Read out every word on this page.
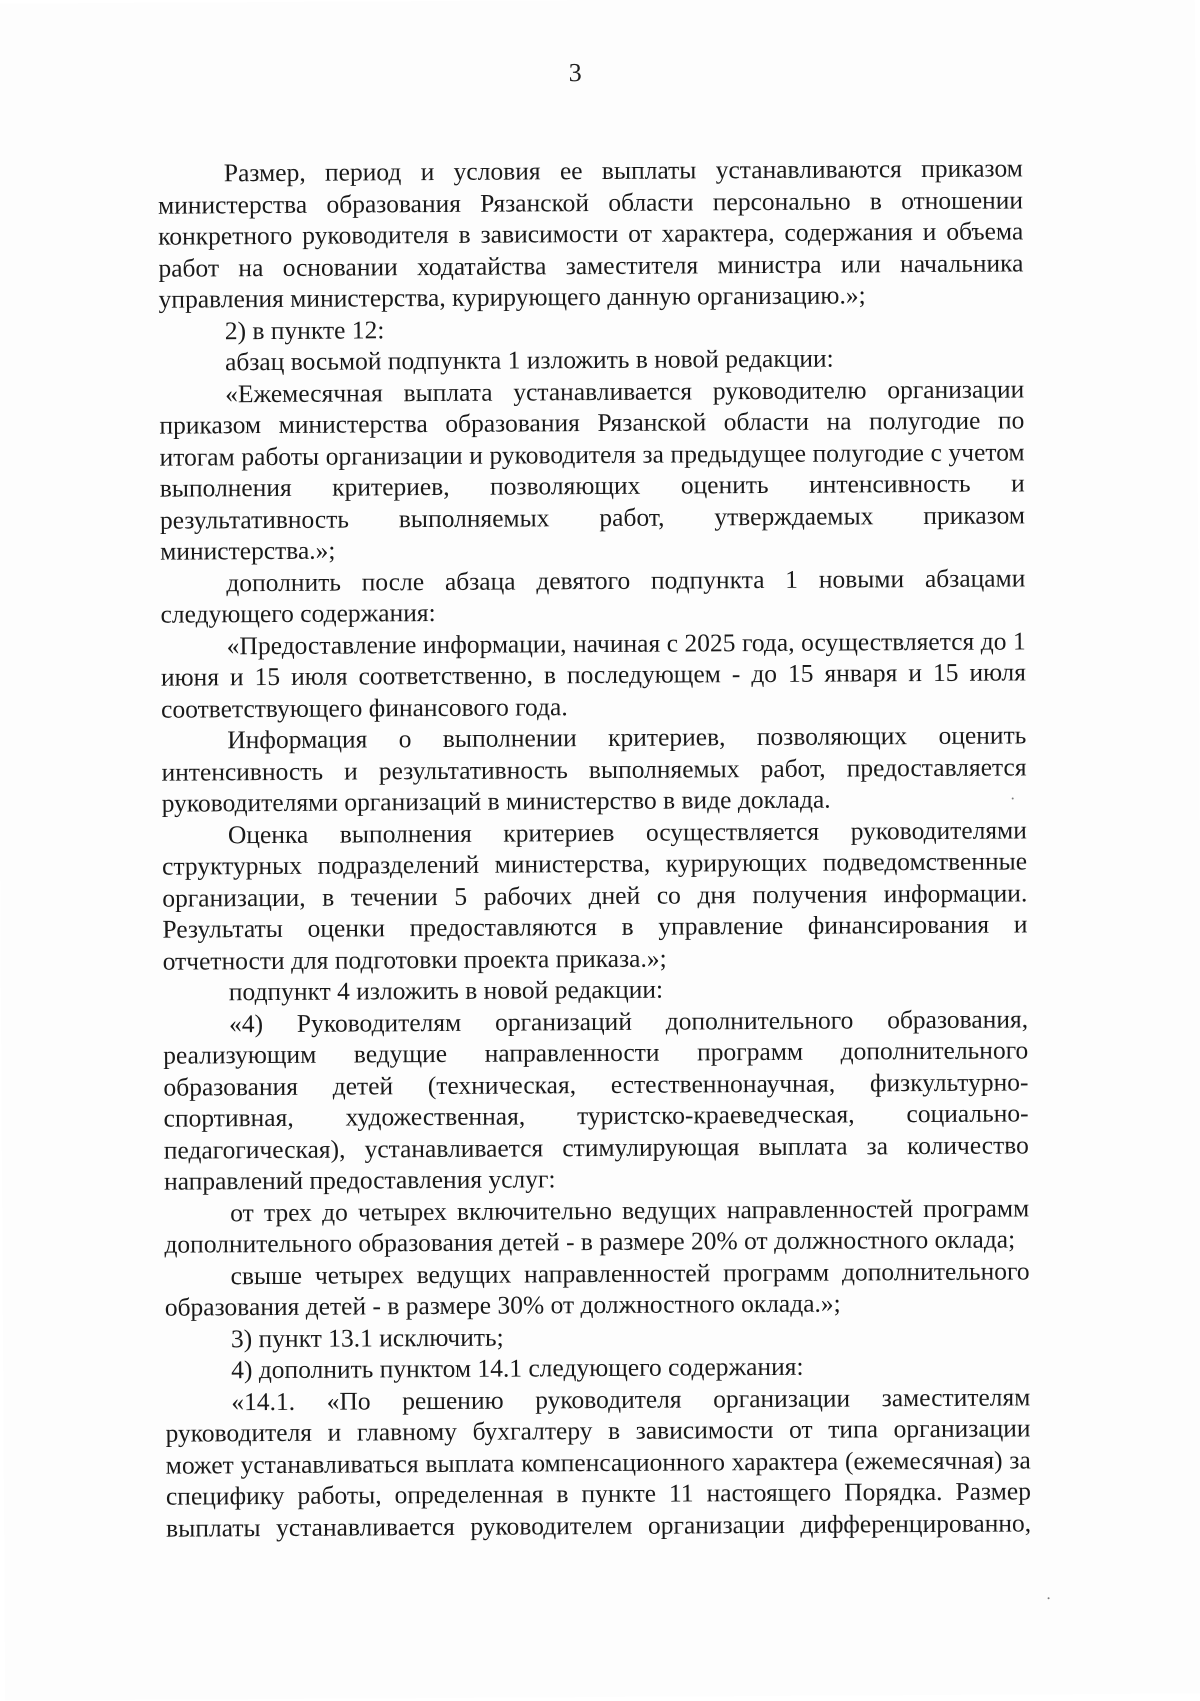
3

Размер, период и условия ее выплаты устанавливаются приказом министерства образования Рязанской области персонально в отношении конкретного руководителя в зависимости от характера, содержания и объема работ на основании ходатайства заместителя министра или начальника управления министерства, курирующего данную организацию.»;

2) в пункте 12:

абзац восьмой подпункта 1 изложить в новой редакции:

«Ежемесячная выплата устанавливается руководителю организации приказом министерства образования Рязанской области на полугодие по итогам работы организации и руководителя за предыдущее полугодие с учетом выполнения критериев, позволяющих оценить интенсивность и результативность выполняемых работ, утверждаемых приказом министерства.»;

дополнить после абзаца девятого подпункта 1 новыми абзацами следующего содержания:

«Предоставление информации, начиная с 2025 года, осуществляется до 1 июня и 15 июля соответственно, в последующем - до 15 января и 15 июля соответствующего финансового года.

Информация о выполнении критериев, позволяющих оценить интенсивность и результативность выполняемых работ, предоставляется руководителями организаций в министерство в виде доклада.

Оценка выполнения критериев осуществляется руководителями структурных подразделений министерства, курирующих подведомственные организации, в течении 5 рабочих дней со дня получения информации. Результаты оценки предоставляются в управление финансирования и отчетности для подготовки проекта приказа.»;

подпункт 4 изложить в новой редакции:

«4) Руководителям организаций дополнительного образования, реализующим ведущие направленности программ дополнительного образования детей (техническая, естественнонаучная, физкультурно-спортивная, художественная, туристско-краеведческая, социально-педагогическая), устанавливается стимулирующая выплата за количество направлений предоставления услуг:

от трех до четырех включительно ведущих направленностей программ дополнительного образования детей - в размере 20% от должностного оклада;

свыше четырех ведущих направленностей программ дополнительного образования детей - в размере 30% от должностного оклада.»;

3) пункт 13.1 исключить;

4) дополнить пунктом 14.1 следующего содержания:

«14.1. «По решению руководителя организации заместителям руководителя и главному бухгалтеру в зависимости от типа организации может устанавливаться выплата компенсационного характера (ежемесячная) за специфику работы, определенная в пункте 11 настоящего Порядка. Размер выплаты устанавливается руководителем организации дифференцированно,
